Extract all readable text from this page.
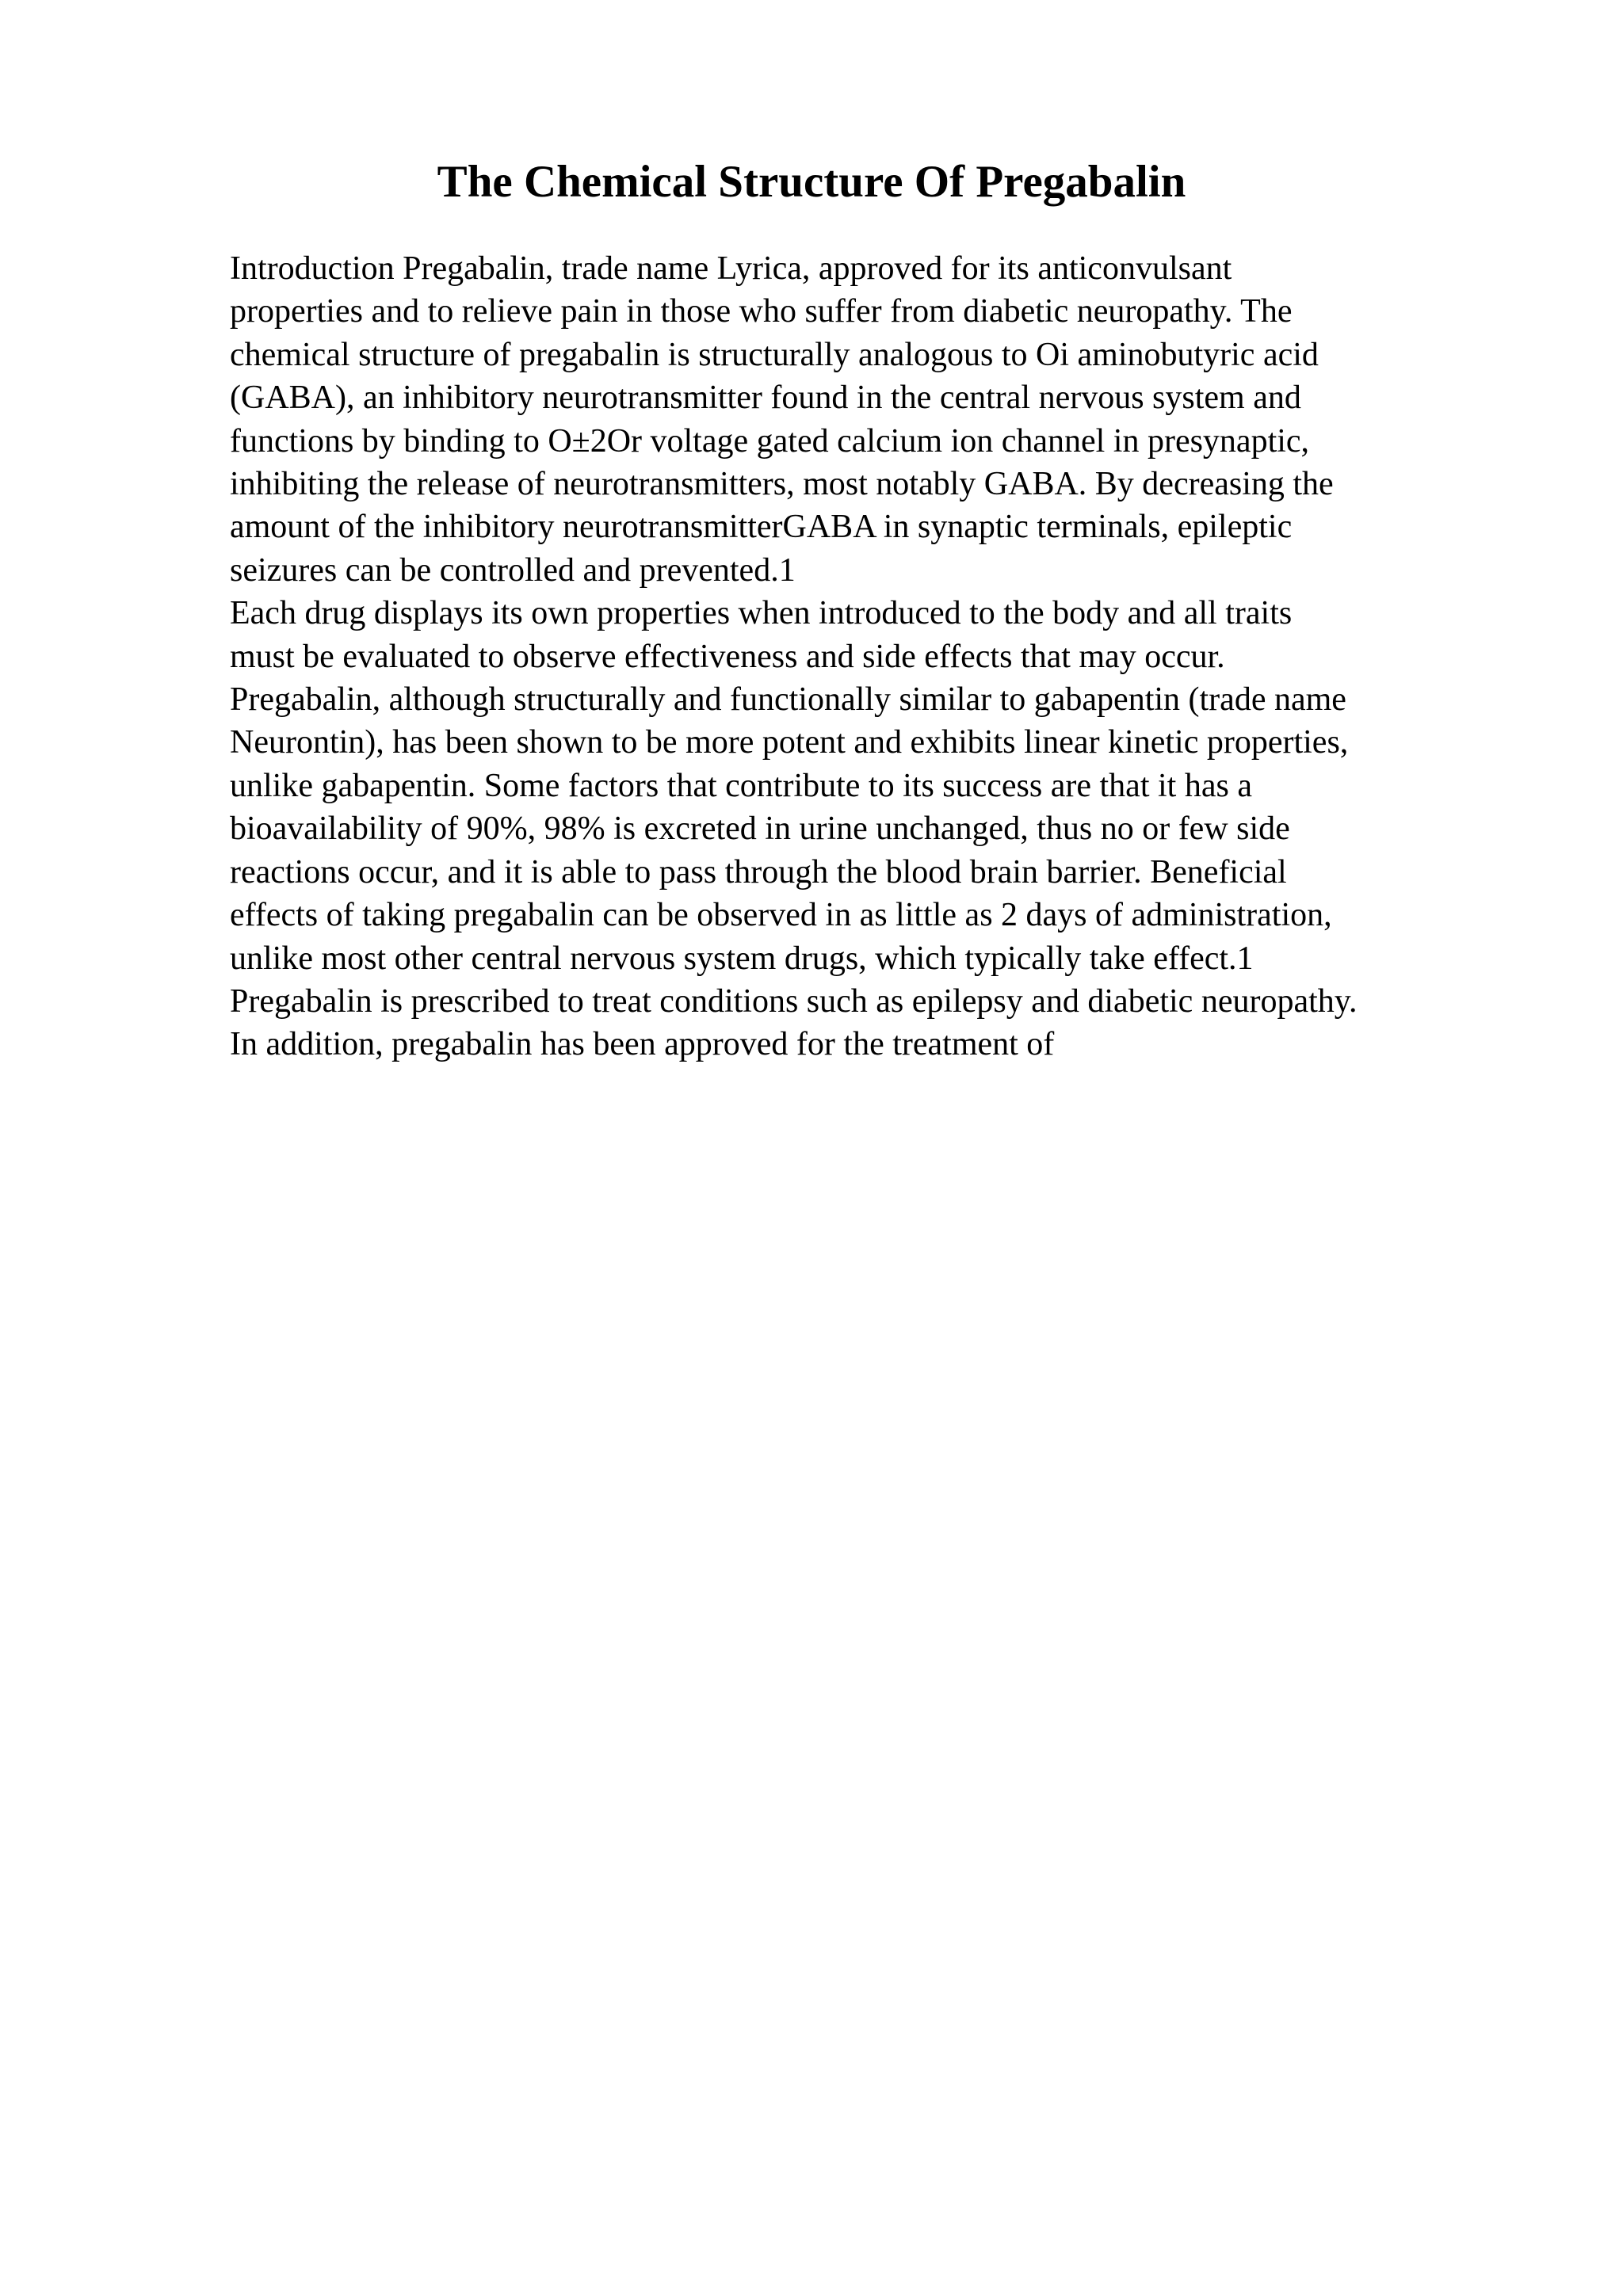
The Chemical Structure Of Pregabalin
Introduction Pregabalin, trade name Lyrica, approved for its anticonvulsant
properties and to relieve pain in those who suffer from diabetic neuropathy. The
chemical structure of pregabalin is structurally analogous to Oi aminobutyric acid
(GABA), an inhibitory neurotransmitter found in the central nervous system and
functions by binding to O±2Or voltage gated calcium ion channel in presynaptic,
inhibiting the release of neurotransmitters, most notably GABA. By decreasing the
amount of the inhibitory neurotransmitterGABA in synaptic terminals, epileptic
seizures can be controlled and prevented.1
Each drug displays its own properties when introduced to the body and all traits
must be evaluated to observe effectiveness and side effects that may occur.
Pregabalin, although structurally and functionally similar to gabapentin (trade name
Neurontin), has been shown to be more potent and exhibits linear kinetic properties,
unlike gabapentin. Some factors that contribute to its success are that it has a
bioavailability of 90%, 98% is excreted in urine unchanged, thus no or few side
reactions occur, and it is able to pass through the blood brain barrier. Beneficial
effects of taking pregabalin can be observed in as little as 2 days of administration,
unlike most other central nervous system drugs, which typically take effect.1
Pregabalin is prescribed to treat conditions such as epilepsy and diabetic neuropathy.
In addition, pregabalin has been approved for the treatment of
